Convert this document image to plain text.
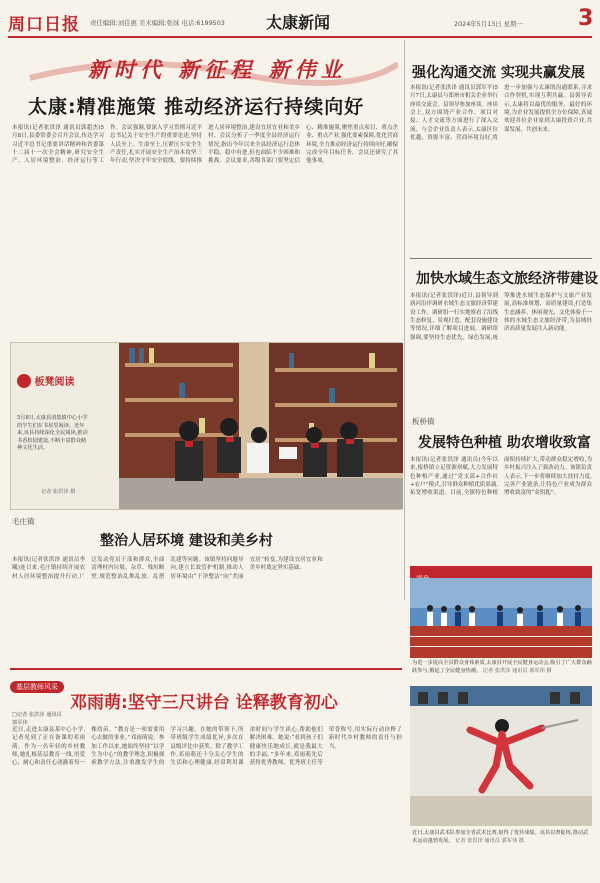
周口日报 责任编辑:刘佳惠 美术编辑:张妹 电话:6199503	太康新闻	2024年5月13日 星期一	3
新时代 新征程 新伟业
太康:精准施策 推动经济运行持续向好
本报讯(记者张洪泽 通讯员郭超杰)5月8日,县委常委会召开会议,传达学习习近平总书记重要讲话精神和省委第十二届十一次全会精神,研究安全生产、人居环境整治、经济运行等工作。会议强调,要深入学习贯彻习近平总书记关于安全生产的重要论述,坚持人民至上、生命至上,压紧压实安全生产责任,扎实开展安全生产治本攻坚三年行动,坚决守牢安全底线。要持续推进人居环境整治,建设宜居宜业和美乡村。会议分析了一季度全县经济运行情况,指出今年以来全县经济运行总体平稳、稳中有进,但也面临不少困难和挑战。会议要求,各级各部门要坚定信心、精准施策,聚焦重点项目、重点企业、重点产业,强化要素保障,优化营商环境,全力推动经济运行持续向好,确保完成全年目标任务。会议还研究了其他事项。
强化沟通交流 实现共赢发展
本报讯(记者张洪泽 通讯员郭军平)5月7日,太康县与郑州市相关企业举行座谈交流会。县领导参加座谈。座谈会上,双方围绕产业合作、项目对接、人才交流等方面进行了深入交流。与会企业负责人表示,太康区位优越、资源丰富、营商环境良好,将进一步加强与太康的沟通联系,寻求合作契机,实现互利共赢。县领导表示,太康将以最优的服务、最好的环境,为企业发展提供全方位保障,真诚欢迎各位企业家到太康投资兴业,共谋发展、共创未来。
加快水域生态文旅经济带建设
本报讯(记者张洪泽)近日,县领导到涡河沿岸调研水域生态文旅经济带建设工作。调研组一行实地察看了沿线生态修复、景观打造、配套设施建设等情况,详细了解项目进展。调研组强调,要坚持生态优先、绿色发展,统筹推进水域生态保护与文旅产业发展,高标准规划、高质量建设,打造集生态涵养、休闲观光、文化体验于一体的水域生态文旅经济带,为县域经济高质量发展注入新动能。
板凳阅读
5月8日,太康县清集镇中心小学的学生们在书屋里阅读。近年来,该县持续深化全民阅读,推动书香校园建设,不断丰富群众精神文化生活。
记者 张洪泽 摄
板桥镇
发展特色种植 助农增收致富
本报讯(记者张洪泽 通讯员)今年以来,板桥镇立足资源禀赋,大力发展特色种植产业,通过“党支部+合作社+农户”模式,引导群众种植优质果蔬,拓宽增收渠道。目前,全镇特色种植面积持续扩大,带动群众稳定增收,为乡村振兴注入了强劲动力。该镇负责人表示,下一步将继续加大扶持力度,完善产业链条,让特色产业成为群众增收致富的“金钥匙”。
毛庄镇
整治人居环境 建设和美乡村
本报讯(记者张洪泽 通讯员李曦)连日来,毛庄镇持续开展农村人居环境整治提升行动,广泛发动党员干部和群众,全面清理村内垃圾、杂草、残垣断壁,规范整治乱堆乱放、乱搭乱建等问题。该镇坚持问题导向,建立长效管护机制,推动人居环境由“干净整洁”向“美丽宜居”转变,为建设宜居宜业和美乡村奠定坚实基础。
为进一步提高全县群众身体素质,太康县开展全民健身运动会,吸引了广大群众踊跃参与,掀起了全民健身热潮。 记者 张洪泽 通讯员 郭军伟 摄
基层教师风采
邓雨萌:坚守三尺讲台 诠释教育初心
□记者 张洪泽 通讯员 郭军伟
近日,走进太康县某中心小学,记者见到了正在备课的邓雨萌。作为一名年轻的乡村教师,她扎根基层教育一线,用爱心、耐心和责任心浇灌着每一棵幼苗。“教育是一项需要用心去做的事业。”邓雨萌说。参加工作以来,她始终坚持“以学生为中心”的教学理念,积极探索教学方法,注重激发学生的学习兴趣。在她的带领下,所带班级学生成绩优异,多次在县级评比中获奖。除了教学工作,邓雨萌还十分关心学生的生活和心理健康,经常利用课余时间与学生谈心,帮助他们解决困难。她说:“看到孩子们健康快乐地成长,就是我最大的幸福。”多年来,邓雨萌先后获得优秀教师、优秀班主任等荣誉称号,用实际行动诠释了新时代乡村教师的责任与担当。
近日,太康县武术队参加全省武术比赛,取得了优异成绩。该县以赛促练,推动武术运动蓬勃发展。 记者 张洪泽 通讯员 郭军伟 摄
